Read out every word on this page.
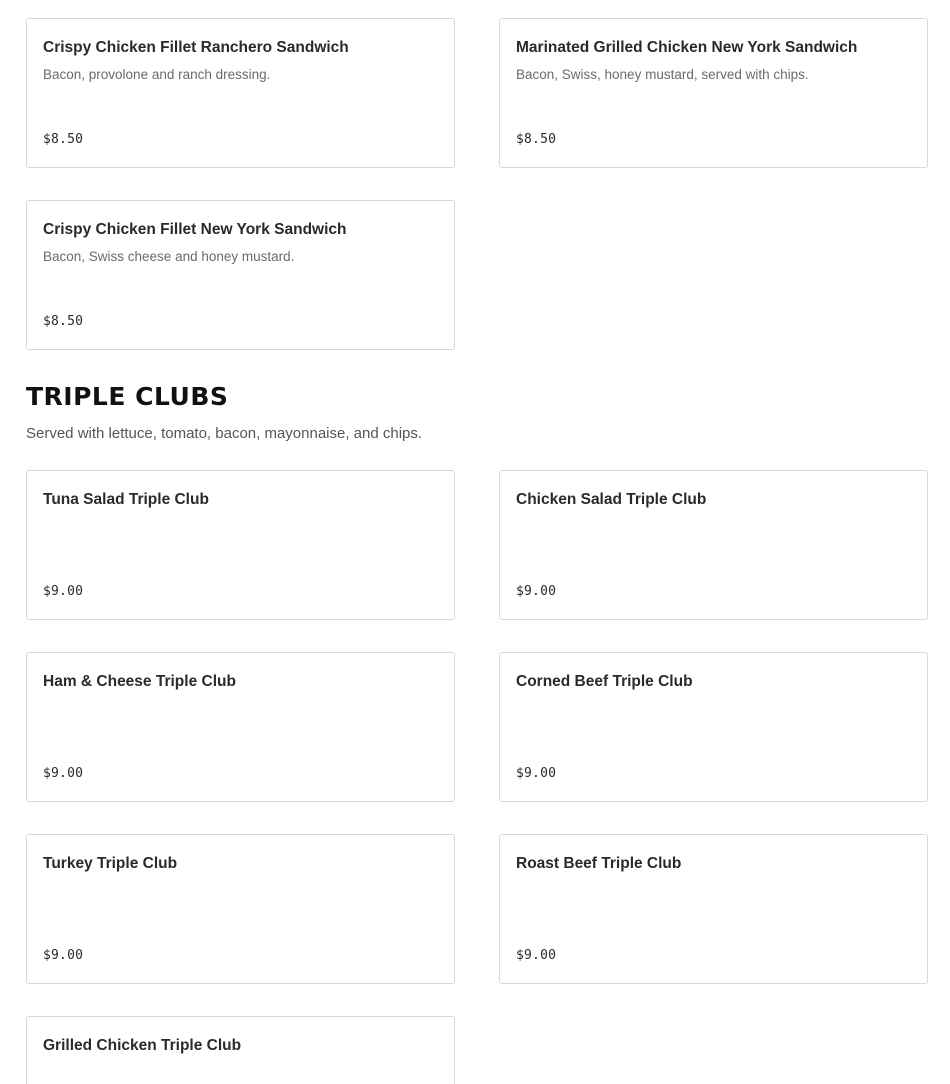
Crispy Chicken Fillet Ranchero Sandwich
Bacon, provolone and ranch dressing.
$8.50
Marinated Grilled Chicken New York Sandwich
Bacon, Swiss, honey mustard, served with chips.
$8.50
Crispy Chicken Fillet New York Sandwich
Bacon, Swiss cheese and honey mustard.
$8.50
TRIPLE CLUBS
Served with lettuce, tomato, bacon, mayonnaise, and chips.
Tuna Salad Triple Club
$9.00
Chicken Salad Triple Club
$9.00
Ham & Cheese Triple Club
$9.00
Corned Beef Triple Club
$9.00
Turkey Triple Club
$9.00
Roast Beef Triple Club
$9.00
Grilled Chicken Triple Club
